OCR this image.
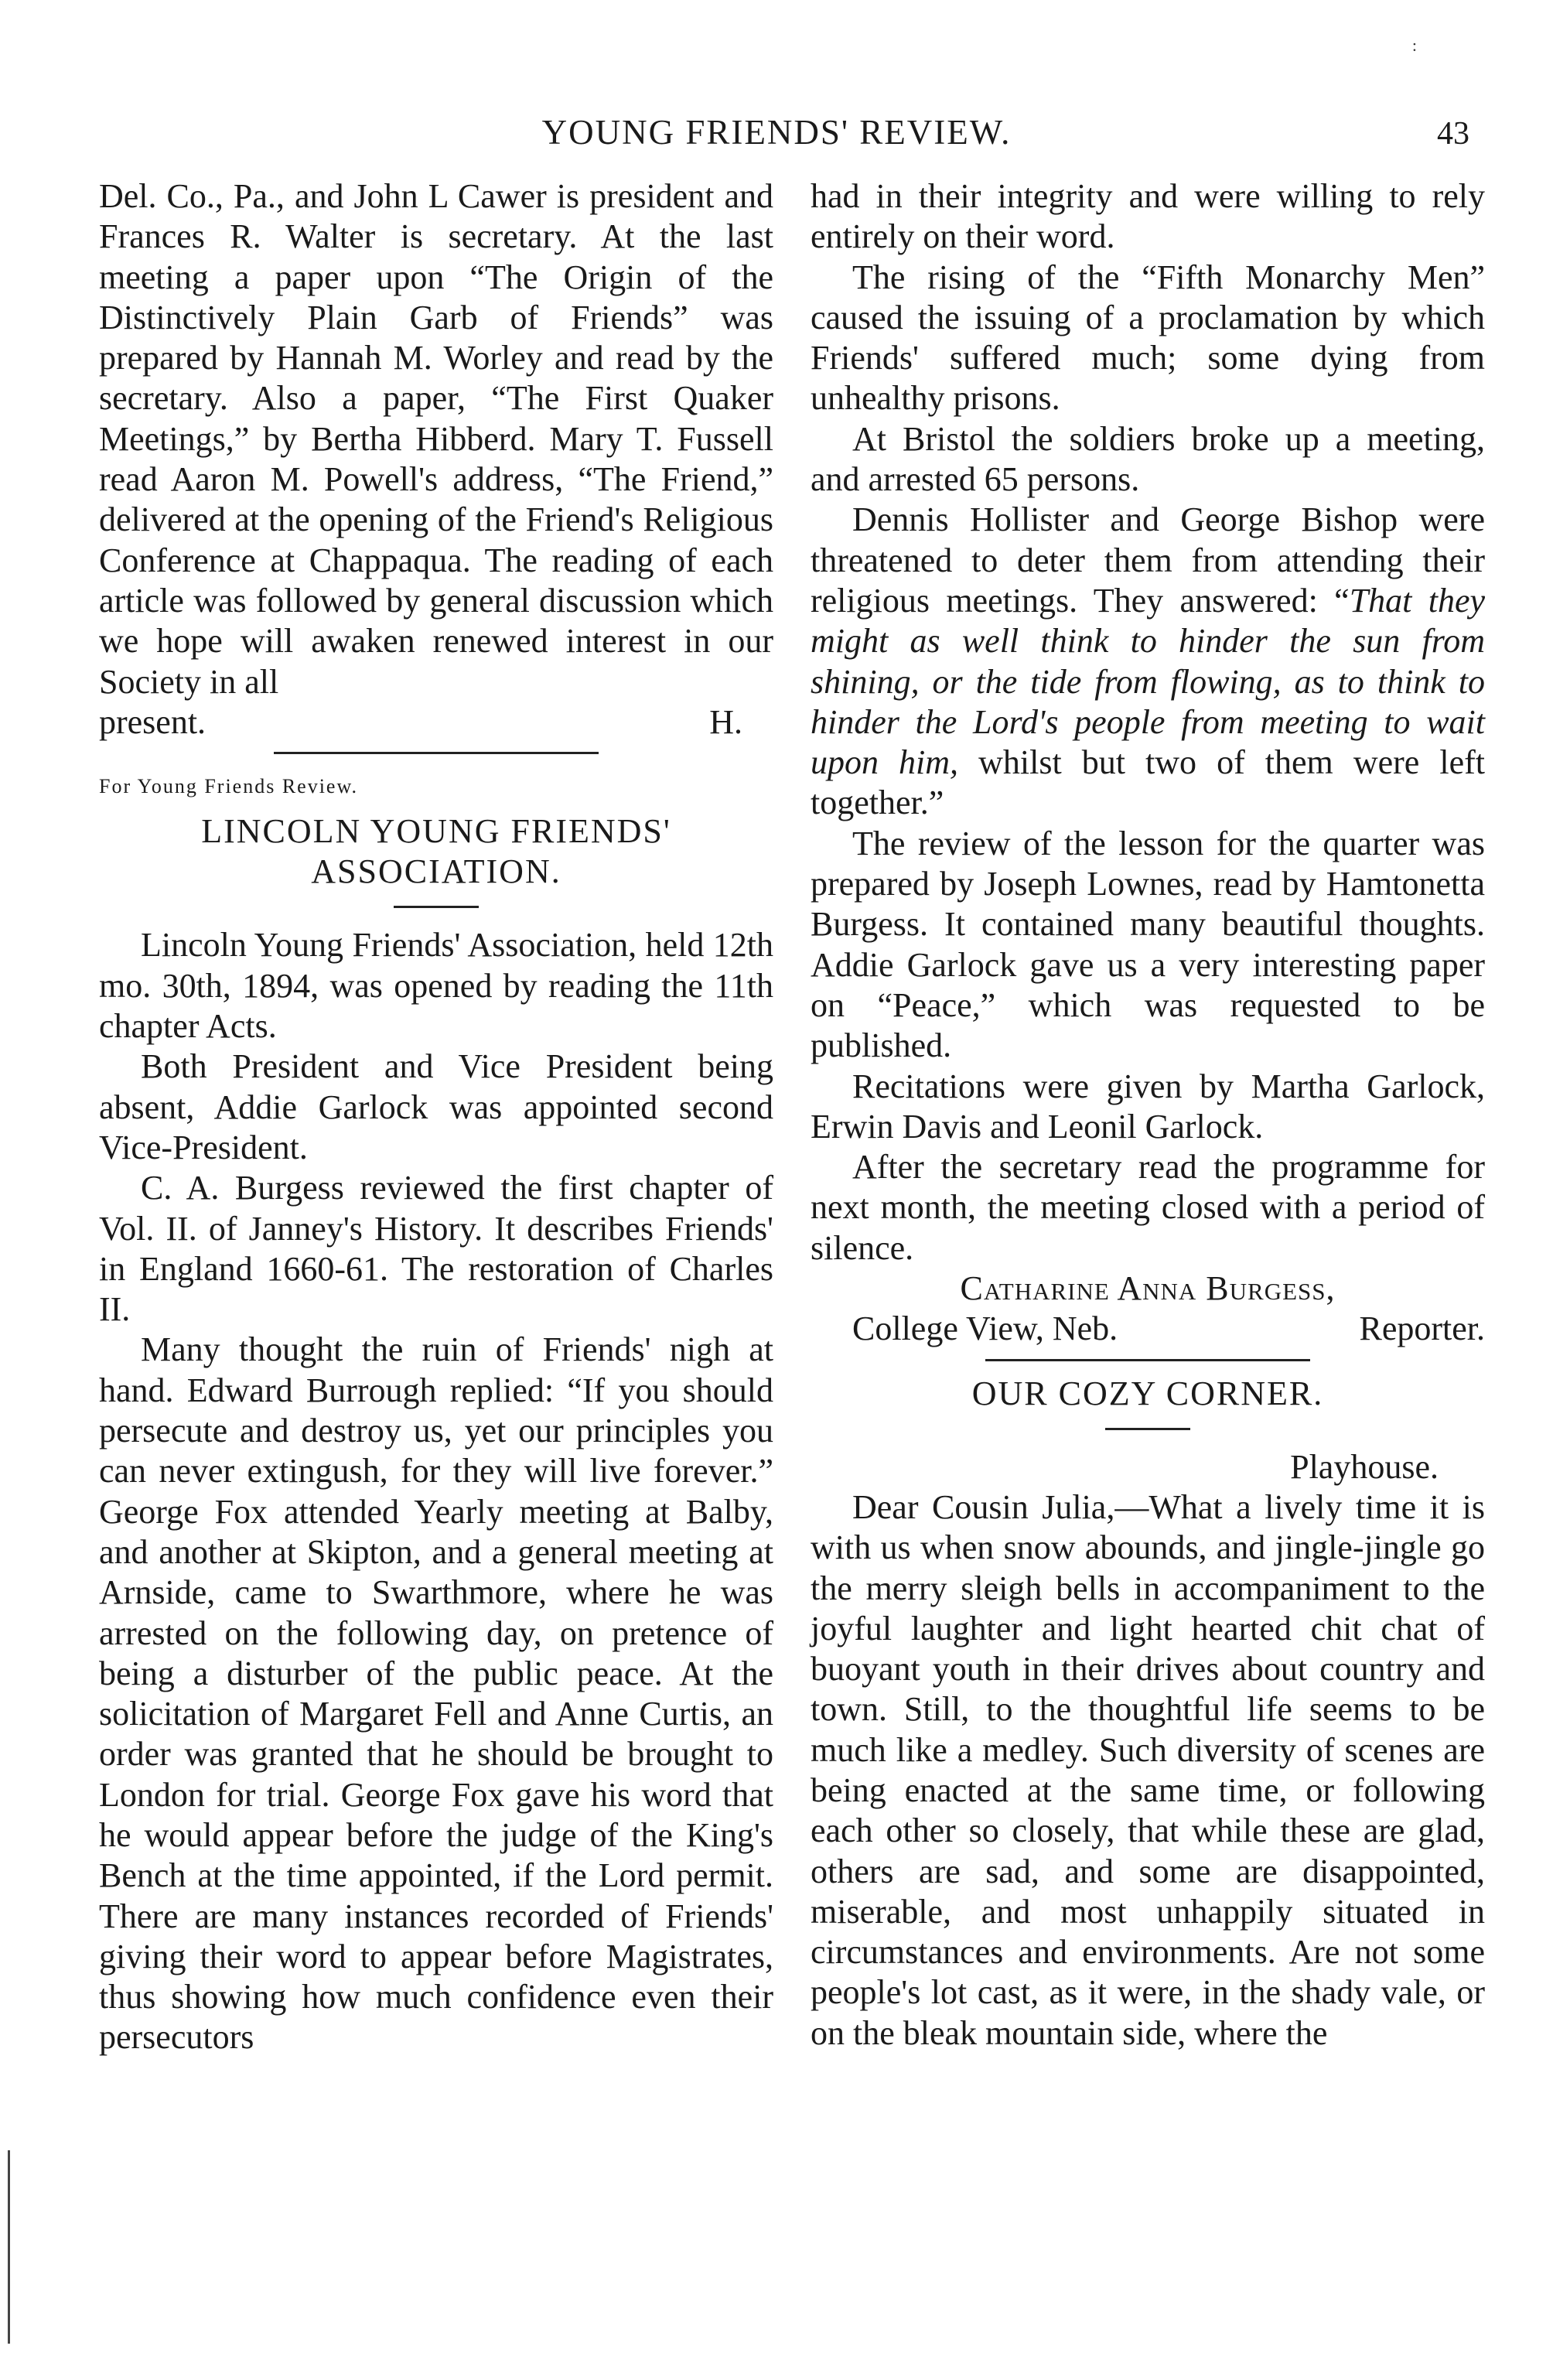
:
YOUNG FRIENDS' REVIEW.	43

Del. Co., Pa., and John L Cawer is president and Frances R. Walter is secretary. At the last meeting a paper upon “The Origin of the Distinctively Plain Garb of Friends” was prepared by Hannah M. Worley and read by the secretary. Also a paper, “The First Quaker Meetings,” by Bertha Hibberd. Mary T. Fussell read Aaron M. Powell's address, “The Friend,” delivered at the opening of the Friend's Religious Conference at Chappaqua. The reading of each article was followed by general discussion which we hope will awaken renewed interest in our Society in all

present.	H.
For Young Friends Review.
LINCOLN YOUNG FRIENDS' ASSOCIATION.

Lincoln Young Friends' Association, held 12th mo. 30th, 1894, was opened by reading the 11th chapter Acts.

Both President and Vice President being absent, Addie Garlock was appointed second Vice-President.

C. A. Burgess reviewed the first chapter of Vol. II. of Janney's History. It describes Friends' in England 1660-61. The restoration of Charles II.

Many thought the ruin of Friends' nigh at hand. Edward Burrough replied: “If you should persecute and destroy us, yet our principles you can never extingush, for they will live forever.” George Fox attended Yearly meeting at Balby, and another at Skipton, and a general meeting at Arnside, came to Swarthmore, where he was arrested on the following day, on pretence of being a disturber of the public peace. At the solicitation of Margaret Fell and Anne Curtis, an order was granted that he should be brought to London for trial. George Fox gave his word that he would appear before the judge of the King's Bench at the time appointed, if the Lord permit. There are many instances recorded of Friends' giving their word to appear before Magistrates, thus showing how much confidence even their persecutors

had in their integrity and were willing to rely entirely on their word.

The rising of the “Fifth Monarchy Men” caused the issuing of a proclamation by which Friends' suffered much; some dying from unhealthy prisons.

At Bristol the soldiers broke up a meeting, and arrested 65 persons.

Dennis Hollister and George Bishop were threatened to deter them from attending their religious meetings. They answered: “That they might as well think to hinder the sun from shining, or the tide from flowing, as to think to hinder the Lord's people from meeting to wait upon him, whilst but two of them were left together.”

The review of the lesson for the quarter was prepared by Joseph Lownes, read by Hamtonetta Burgess. It contained many beautiful thoughts. Addie Garlock gave us a very interesting paper on “Peace,” which was requested to be published.

Recitations were given by Martha Garlock, Erwin Davis and Leonil Garlock.

After the secretary read the programme for next month, the meeting closed with a period of silence.

Catharine Anna Burgess,
College View, Neb.	Reporter.
OUR COZY CORNER.

Playhouse.

Dear Cousin Julia,—What a lively time it is with us when snow abounds, and jingle-jingle go the merry sleigh bells in accompaniment to the joyful laughter and light hearted chit chat of buoyant youth in their drives about country and town. Still, to the thoughtful life seems to be much like a medley. Such diversity of scenes are being enacted at the same time, or following each other so closely, that while these are glad, others are sad, and some are disappointed, miserable, and most unhappily situated in circumstances and environments. Are not some people's lot cast, as it were, in the shady vale, or on the bleak mountain side, where the
